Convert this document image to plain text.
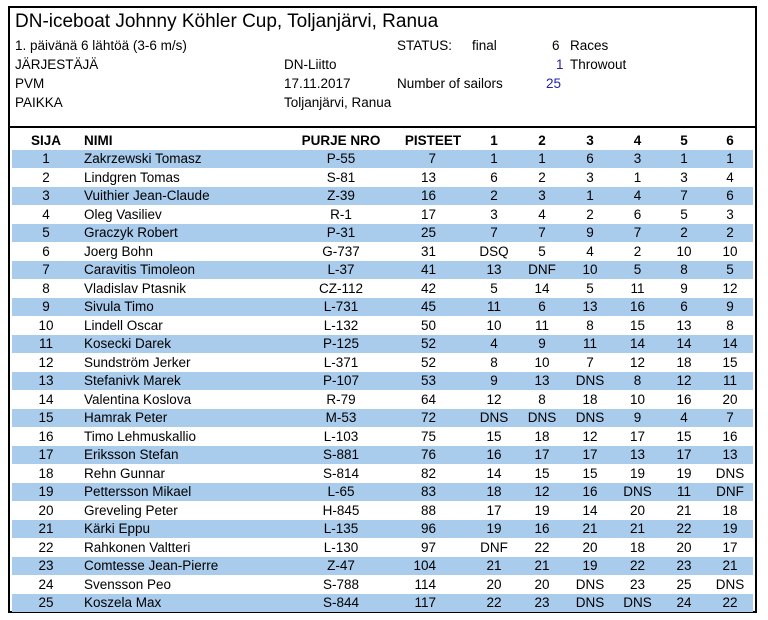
DN-iceboat Johnny Köhler Cup, Toljanjärvi, Ranua
1. päivänä 6 lähtöä (3-6 m/s)	STATUS: final	6 Races
JÄRJESTÄJÄ	DN-Liitto	1 Throwout
PVM	17.11.2017	Number of sailors	25
PAIKKA	Toljanjärvi, Ranua
SIJA	NIMI	PURJE NRO	PISTEET	1	2	3	4	5	6
1	Zakrzewski Tomasz	P-55	7	1	1	6	3	1	1
2	Lindgren Tomas	S-81	13	6	2	3	1	3	4
3	Vuithier Jean-Claude	Z-39	16	2	3	1	4	7	6
4	Oleg Vasiliev	R-1	17	3	4	2	6	5	3
5	Graczyk Robert	P-31	25	7	7	9	7	2	2
6	Joerg Bohn	G-737	31	DSQ	5	4	2	10	10
7	Caravitis Timoleon	L-37	41	13	DNF	10	5	8	5
8	Vladislav Ptasnik	CZ-112	42	5	14	5	11	9	12
9	Sivula Timo	L-731	45	11	6	13	16	6	9
10	Lindell Oscar	L-132	50	10	11	8	15	13	8
11	Kosecki Darek	P-125	52	4	9	11	14	14	14
12	Sundström Jerker	L-371	52	8	10	7	12	18	15
13	Stefanivk Marek	P-107	53	9	13	DNS	8	12	11
14	Valentina Koslova	R-79	64	12	8	18	10	16	20
15	Hamrak Peter	M-53	72	DNS	DNS	DNS	9	4	7
16	Timo Lehmuskallio	L-103	75	15	18	12	17	15	16
17	Eriksson Stefan	S-881	76	16	17	17	13	17	13
18	Rehn Gunnar	S-814	82	14	15	15	19	19	DNS
19	Pettersson Mikael	L-65	83	18	12	16	DNS	11	DNF
20	Greveling Peter	H-845	88	17	19	14	20	21	18
21	Kärki Eppu	L-135	96	19	16	21	21	22	19
22	Rahkonen Valtteri	L-130	97	DNF	22	20	18	20	17
23	Comtesse Jean-Pierre	Z-47	104	21	21	19	22	23	21
24	Svensson Peo	S-788	114	20	20	DNS	23	25	DNS
25	Koszela Max	S-844	117	22	23	DNS	DNS	24	22
